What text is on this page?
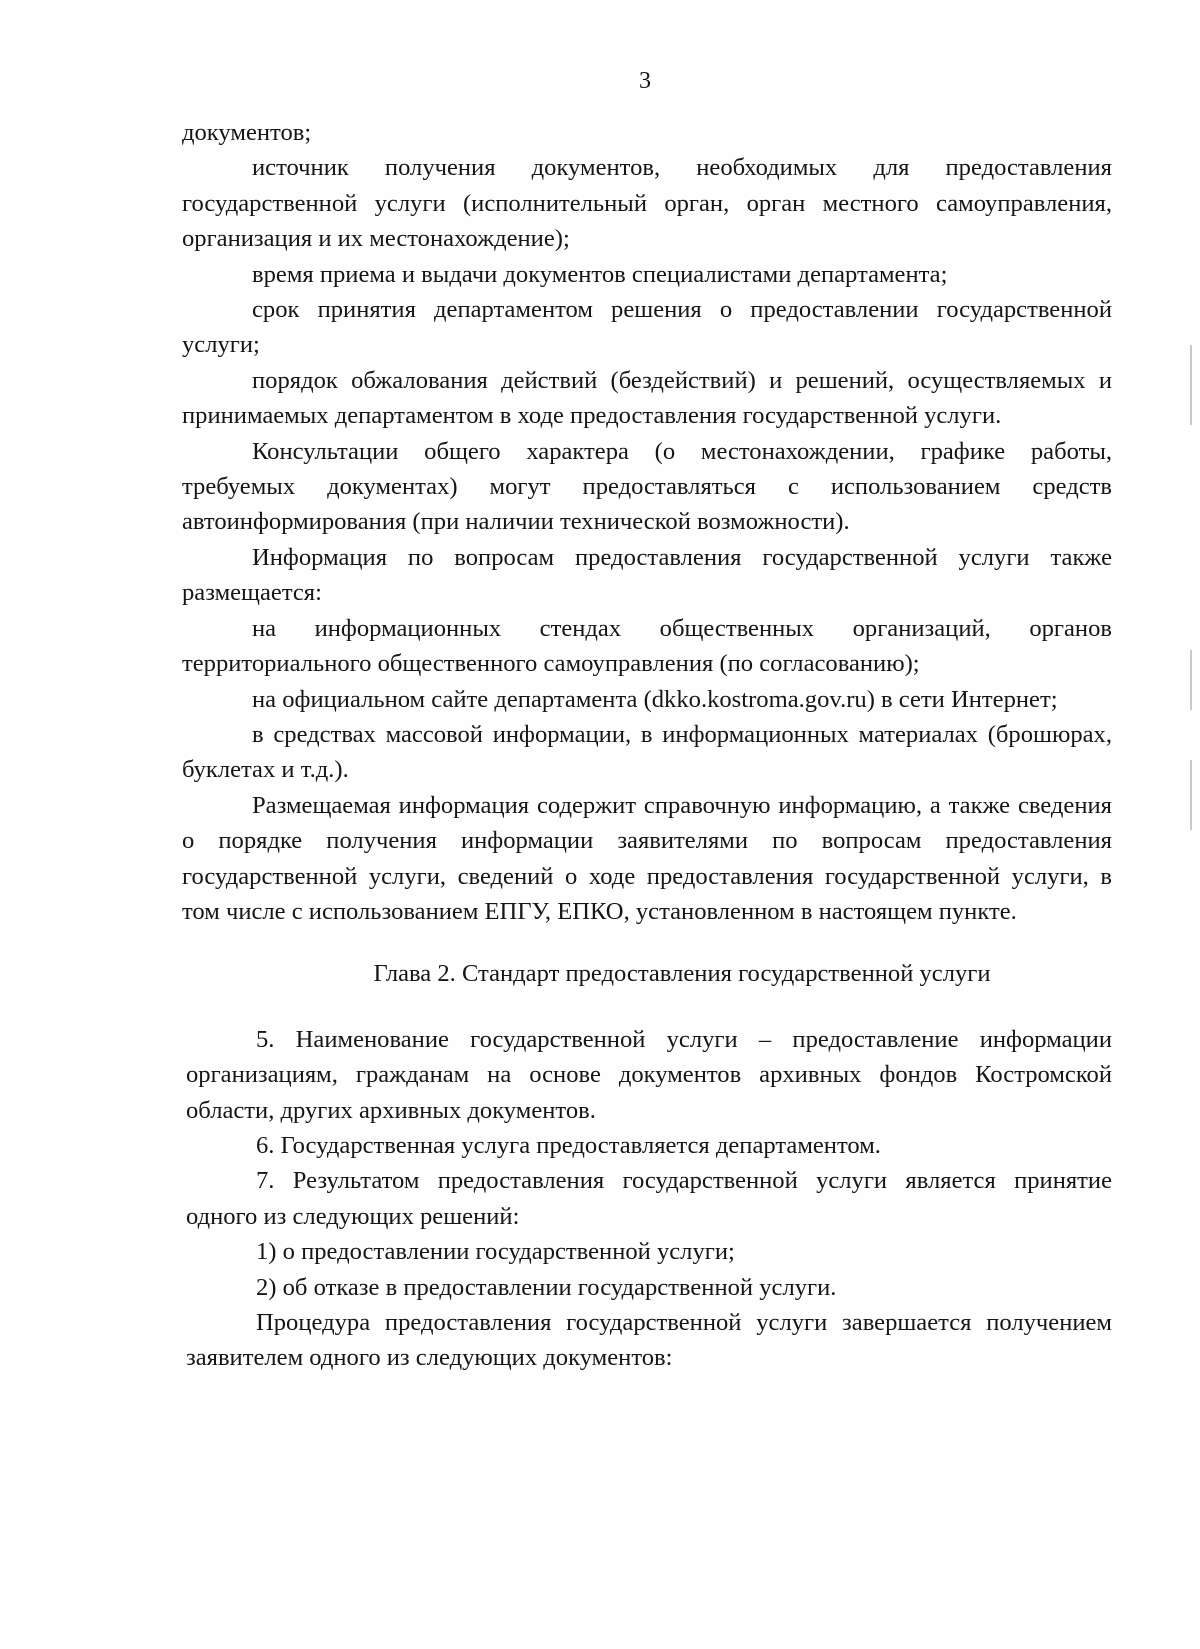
3

документов;

источник получения документов, необходимых для предоставления государственной услуги (исполнительный орган, орган местного самоуправления, организация и их местонахождение);

время приема и выдачи документов специалистами департамента;

срок принятия департаментом решения о предоставлении государственной услуги;

порядок обжалования действий (бездействий) и решений, осуществляемых и принимаемых департаментом в ходе предоставления государственной услуги.

Консультации общего характера (о местонахождении, графике работы, требуемых документах) могут предоставляться с использованием средств автоинформирования (при наличии технической возможности).

Информация по вопросам предоставления государственной услуги также размещается:

на информационных стендах общественных организаций, органов территориального общественного самоуправления (по согласованию);

на официальном сайте департамента (dkko.kostroma.gov.ru) в сети Интернет;

в средствах массовой информации, в информационных материалах (брошюрах, буклетах и т.д.).

Размещаемая информация содержит справочную информацию, а также сведения о порядке получения информации заявителями по вопросам предоставления государственной услуги, сведений о ходе предоставления государственной услуги, в том числе с использованием ЕПГУ, ЕПКО, установленном в настоящем пункте.

Глава 2. Стандарт предоставления государственной услуги

5. Наименование государственной услуги – предоставление информации организациям, гражданам на основе документов архивных фондов Костромской области, других архивных документов.

6. Государственная услуга предоставляется департаментом.

7. Результатом предоставления государственной услуги является принятие одного из следующих решений:

1) о предоставлении государственной услуги;

2) об отказе в предоставлении государственной услуги.

Процедура предоставления государственной услуги завершается получением заявителем одного из следующих документов:
